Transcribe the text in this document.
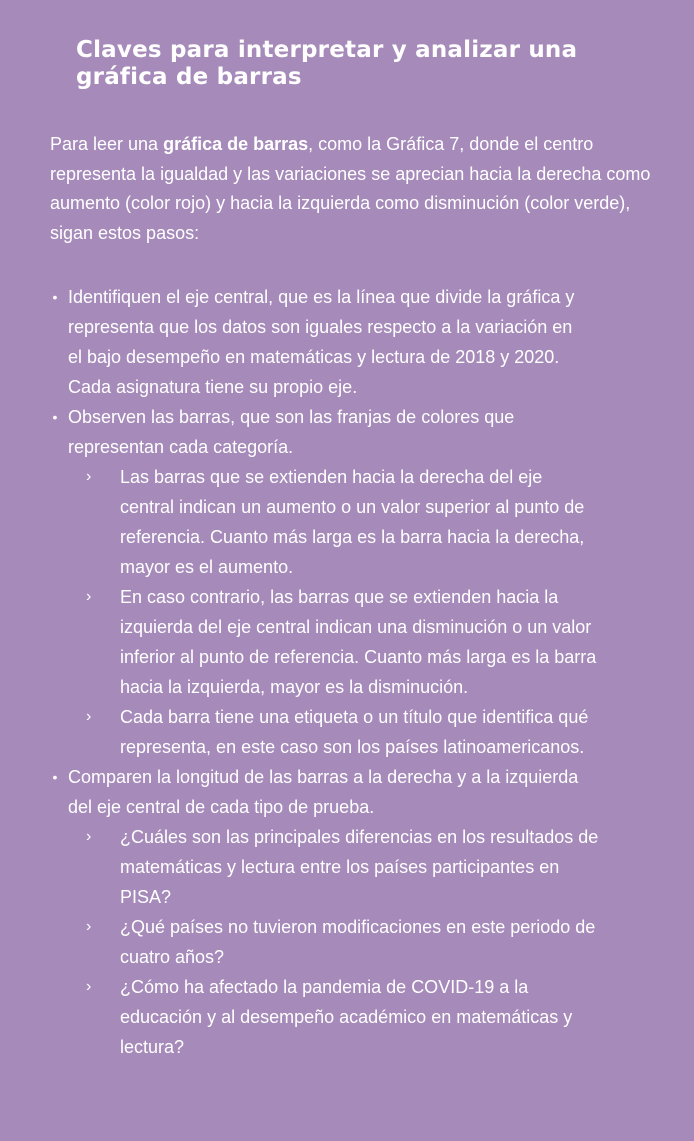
Claves para interpretar y analizar una gráfica de barras

Para leer una gráfica de barras, como la Gráfica 7, donde el centro representa la igualdad y las variaciones se aprecian hacia la derecha como aumento (color rojo) y hacia la izquierda como disminución (color verde), sigan estos pasos:

• Identifiquen el eje central, que es la línea que divide la gráfica y representa que los datos son iguales respecto a la variación en el bajo desempeño en matemáticas y lectura de 2018 y 2020. Cada asignatura tiene su propio eje.
• Observen las barras, que son las franjas de colores que representan cada categoría.
› Las barras que se extienden hacia la derecha del eje central indican un aumento o un valor superior al punto de referencia. Cuanto más larga es la barra hacia la derecha, mayor es el aumento.
› En caso contrario, las barras que se extienden hacia la izquierda del eje central indican una disminución o un valor inferior al punto de referencia. Cuanto más larga es la barra hacia la izquierda, mayor es la disminución.
› Cada barra tiene una etiqueta o un título que identifica qué representa, en este caso son los países latinoamericanos.
• Comparen la longitud de las barras a la derecha y a la izquierda del eje central de cada tipo de prueba.
› ¿Cuáles son las principales diferencias en los resultados de matemáticas y lectura entre los países participantes en PISA?
› ¿Qué países no tuvieron modificaciones en este periodo de cuatro años?
› ¿Cómo ha afectado la pandemia de COVID-19 a la educación y al desempeño académico en matemáticas y lectura?
